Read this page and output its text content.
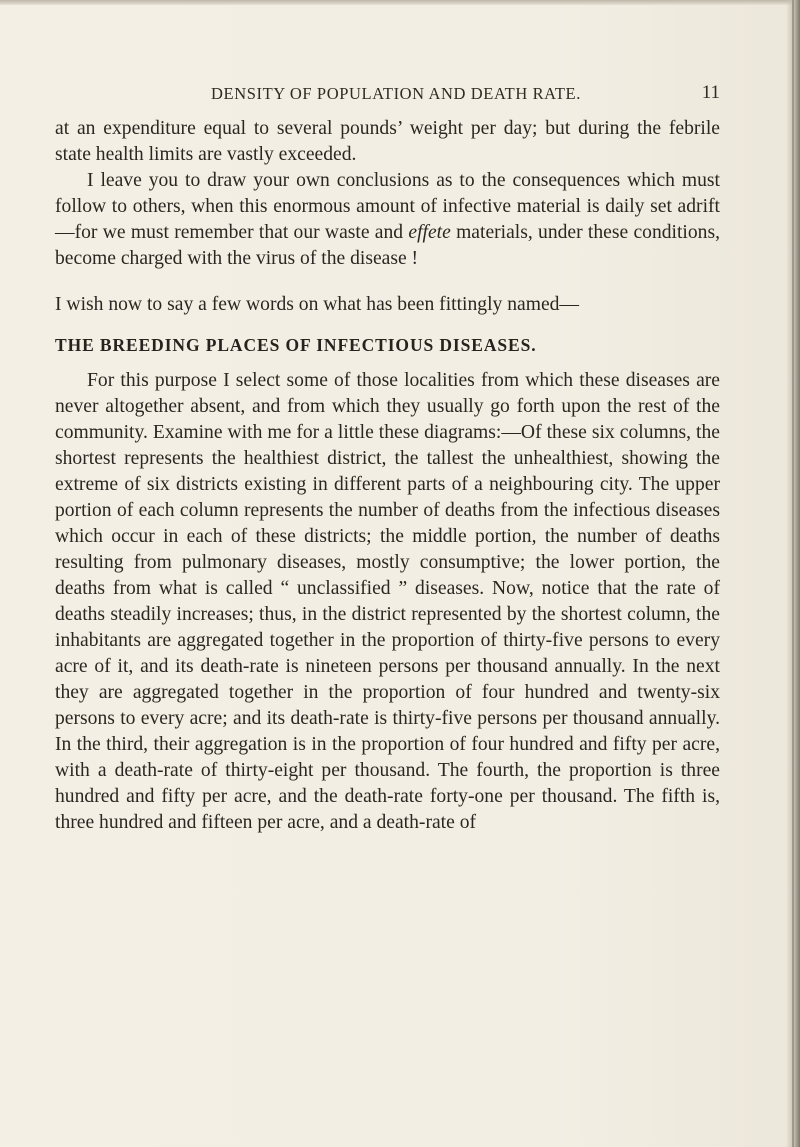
DENSITY OF POPULATION AND DEATH RATE.	11

at an expenditure equal to several pounds’ weight per day; but during the febrile state health limits are vastly exceeded.

I leave you to draw your own conclusions as to the consequences which must follow to others, when this enormous amount of infective material is daily set adrift—for we must remember that our waste and effete materials, under these conditions, become charged with the virus of the disease !

I wish now to say a few words on what has been fittingly named—

THE BREEDING PLACES OF INFECTIOUS DISEASES.

For this purpose I select some of those localities from which these diseases are never altogether absent, and from which they usually go forth upon the rest of the community. Examine with me for a little these diagrams:—Of these six columns, the shortest represents the healthiest district, the tallest the unhealthiest, showing the extreme of six districts existing in different parts of a neighbouring city. The upper portion of each column represents the number of deaths from the infectious diseases which occur in each of these districts; the middle portion, the number of deaths resulting from pulmonary diseases, mostly consumptive; the lower portion, the deaths from what is called “ unclassified ” diseases. Now, notice that the rate of deaths steadily increases; thus, in the district represented by the shortest column, the inhabitants are aggregated together in the proportion of thirty-five persons to every acre of it, and its death-rate is nineteen persons per thousand annually. In the next they are aggregated together in the proportion of four hundred and twenty-six persons to every acre; and its death-rate is thirty-five persons per thousand annually. In the third, their aggregation is in the proportion of four hundred and fifty per acre, with a death-rate of thirty-eight per thousand. The fourth, the proportion is three hundred and fifty per acre, and the death-rate forty-one per thousand. The fifth is, three hundred and fifteen per acre, and a death-rate of
